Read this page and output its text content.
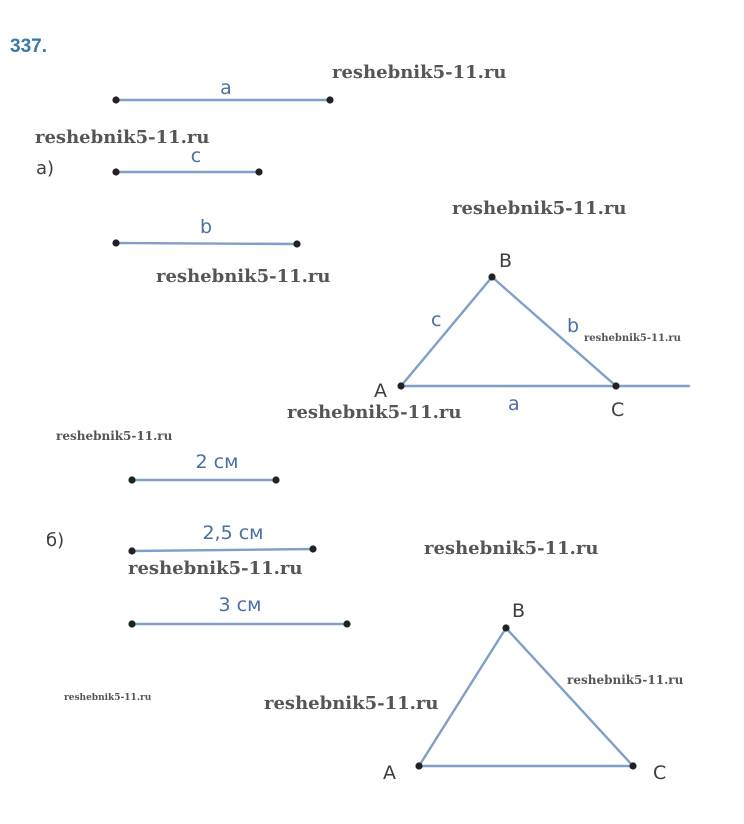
337.
а)
a
c
b
A
B
C
c	b
a
б)
2 см
2,5 см
3 см
A
B
C
reshebnik5-11.ru
reshebnik5-11.ru
reshebnik5-11.ru
reshebnik5-11.ru
reshebnik5-11.ru
reshebnik5-11.ru
reshebnik5-11.ru
reshebnik5-11.ru
reshebnik5-11.ru
reshebnik5-11.ru
reshebnik5-11.ru	reshebnik5-11.ru
